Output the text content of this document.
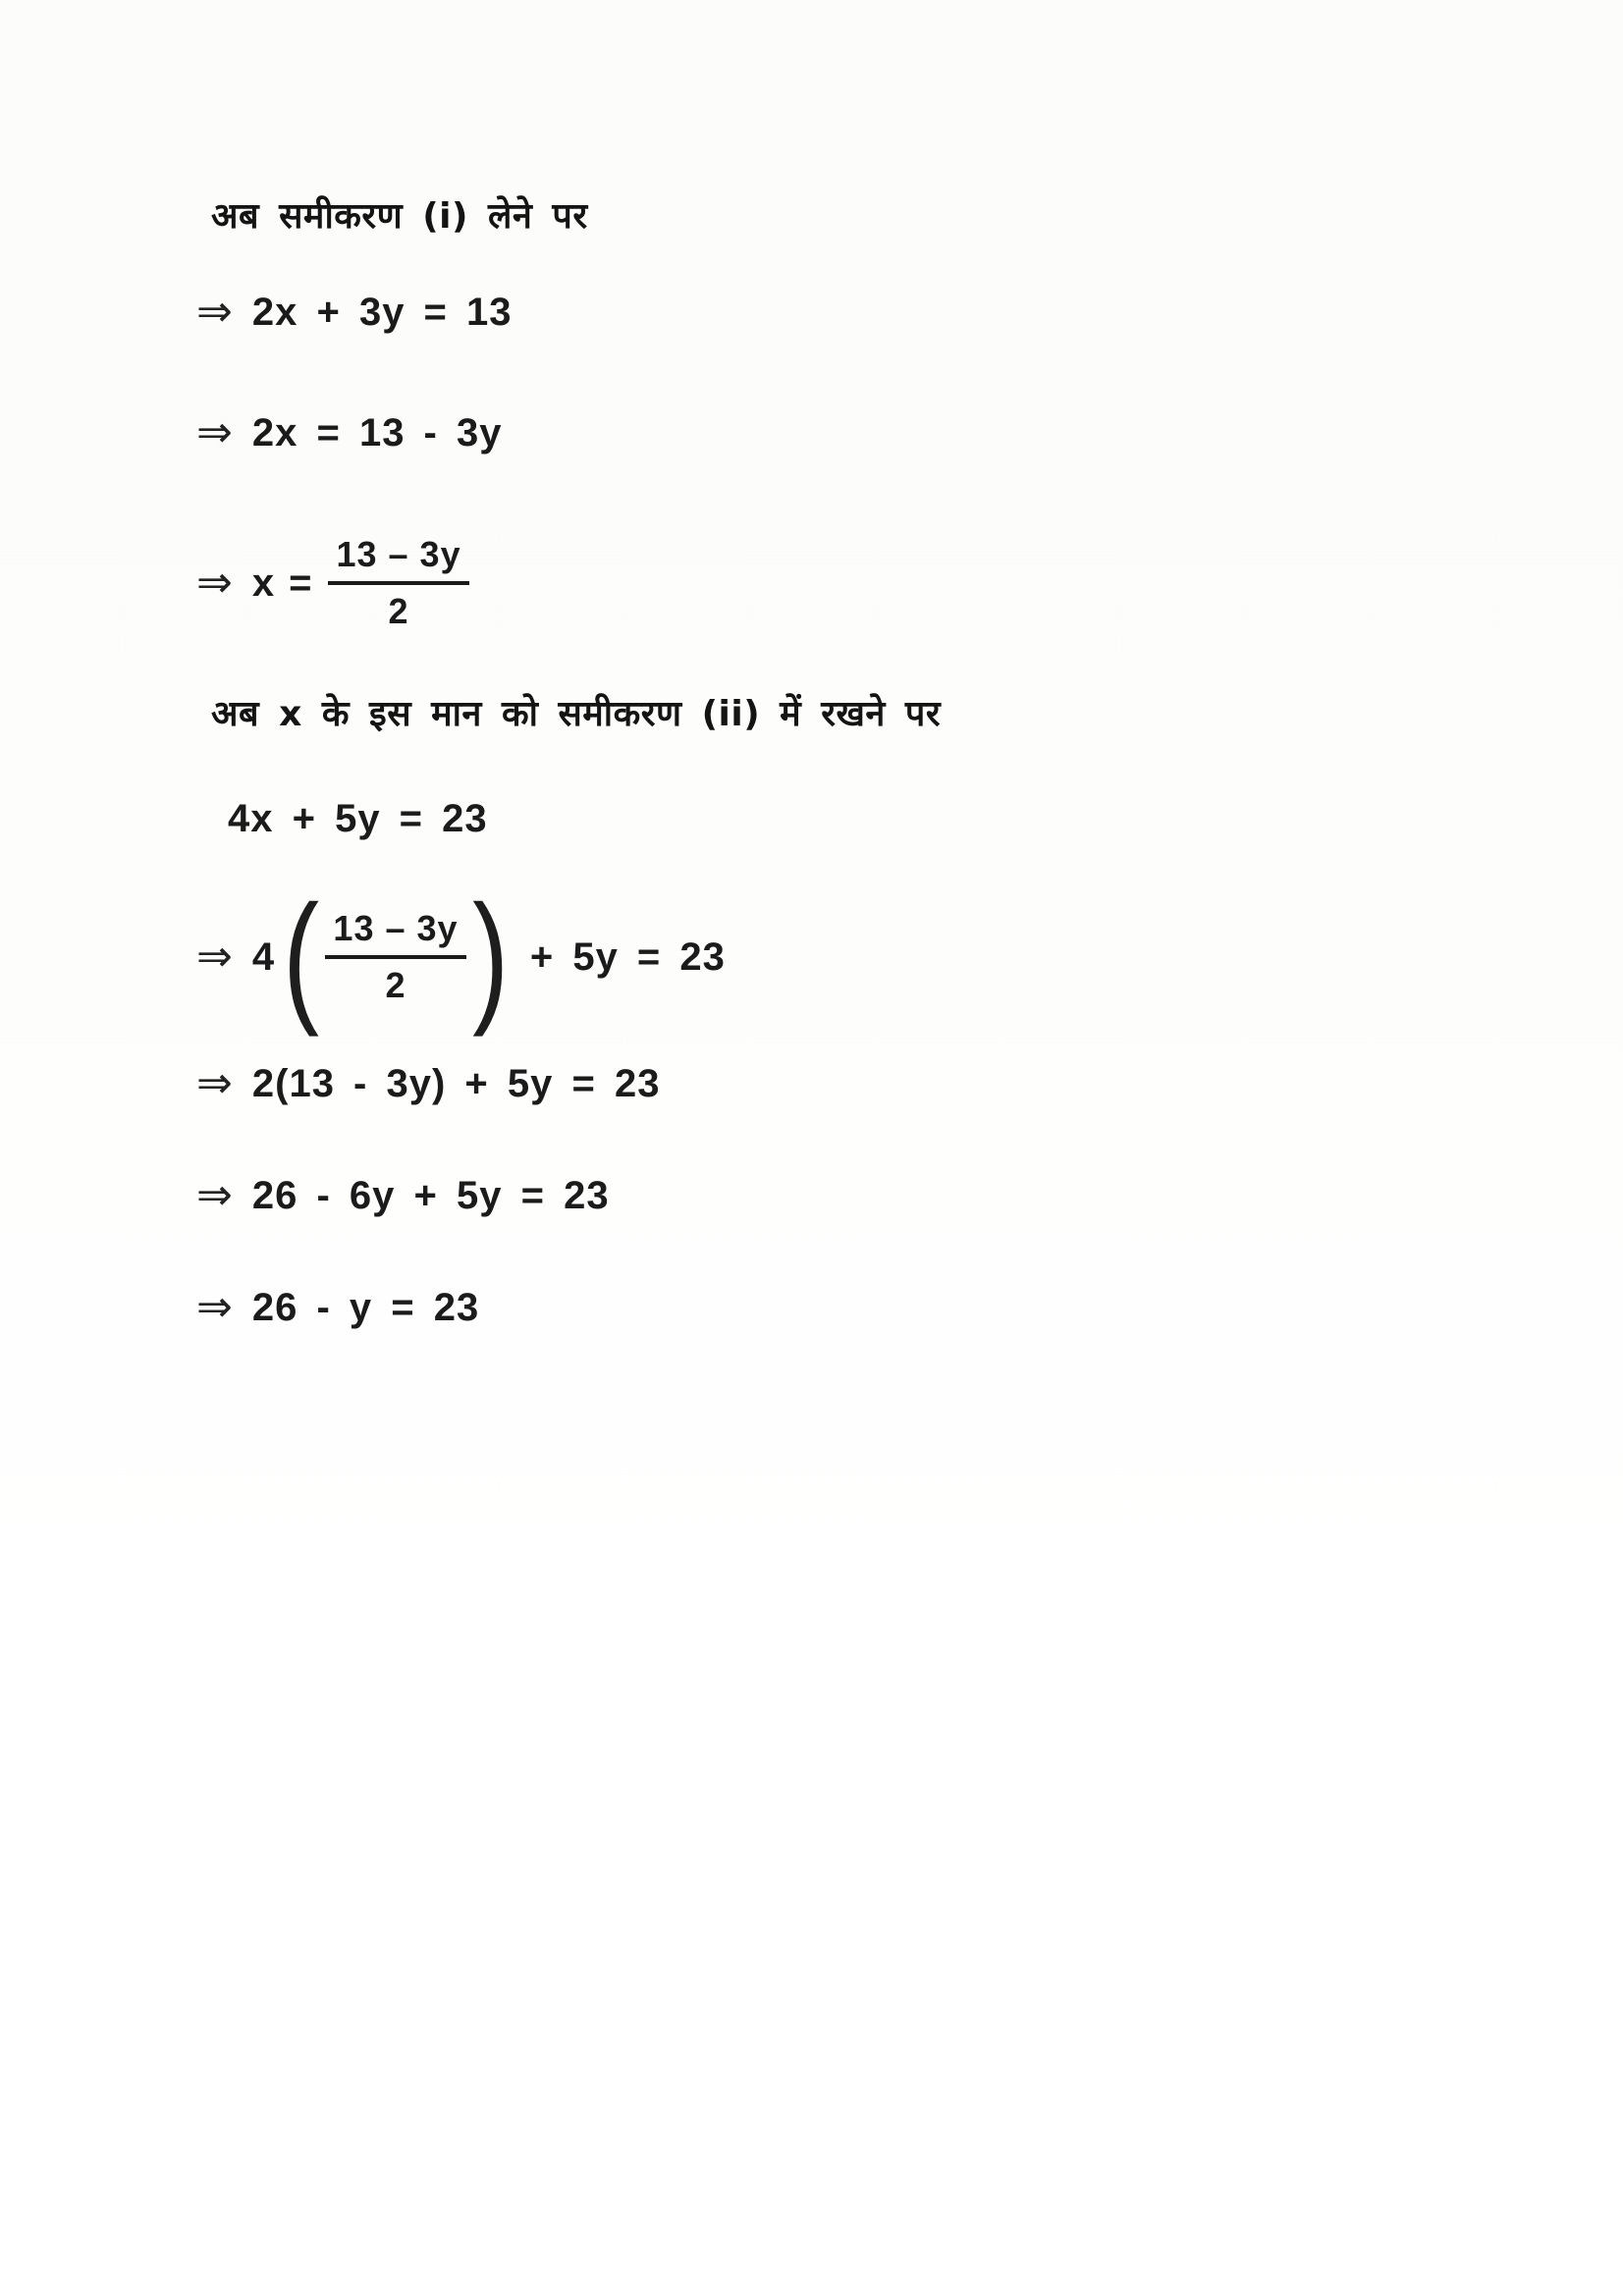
अब समीकरण (i) लेने पर
⇒ 2x + 3y = 13
⇒ 2x = 13 - 3y
⇒ $x = \frac{13 - 3y}{2}$
अब x के इस मान को समीकरण (ii) में रखने पर
4x + 5y = 23
⇒ 4 ( $\frac{13 - 3y}{2}$ ) + 5y = 23
⇒ 2(13 - 3y) + 5y = 23
⇒ 26 - 6y + 5y = 23
⇒ 26 - y = 23
